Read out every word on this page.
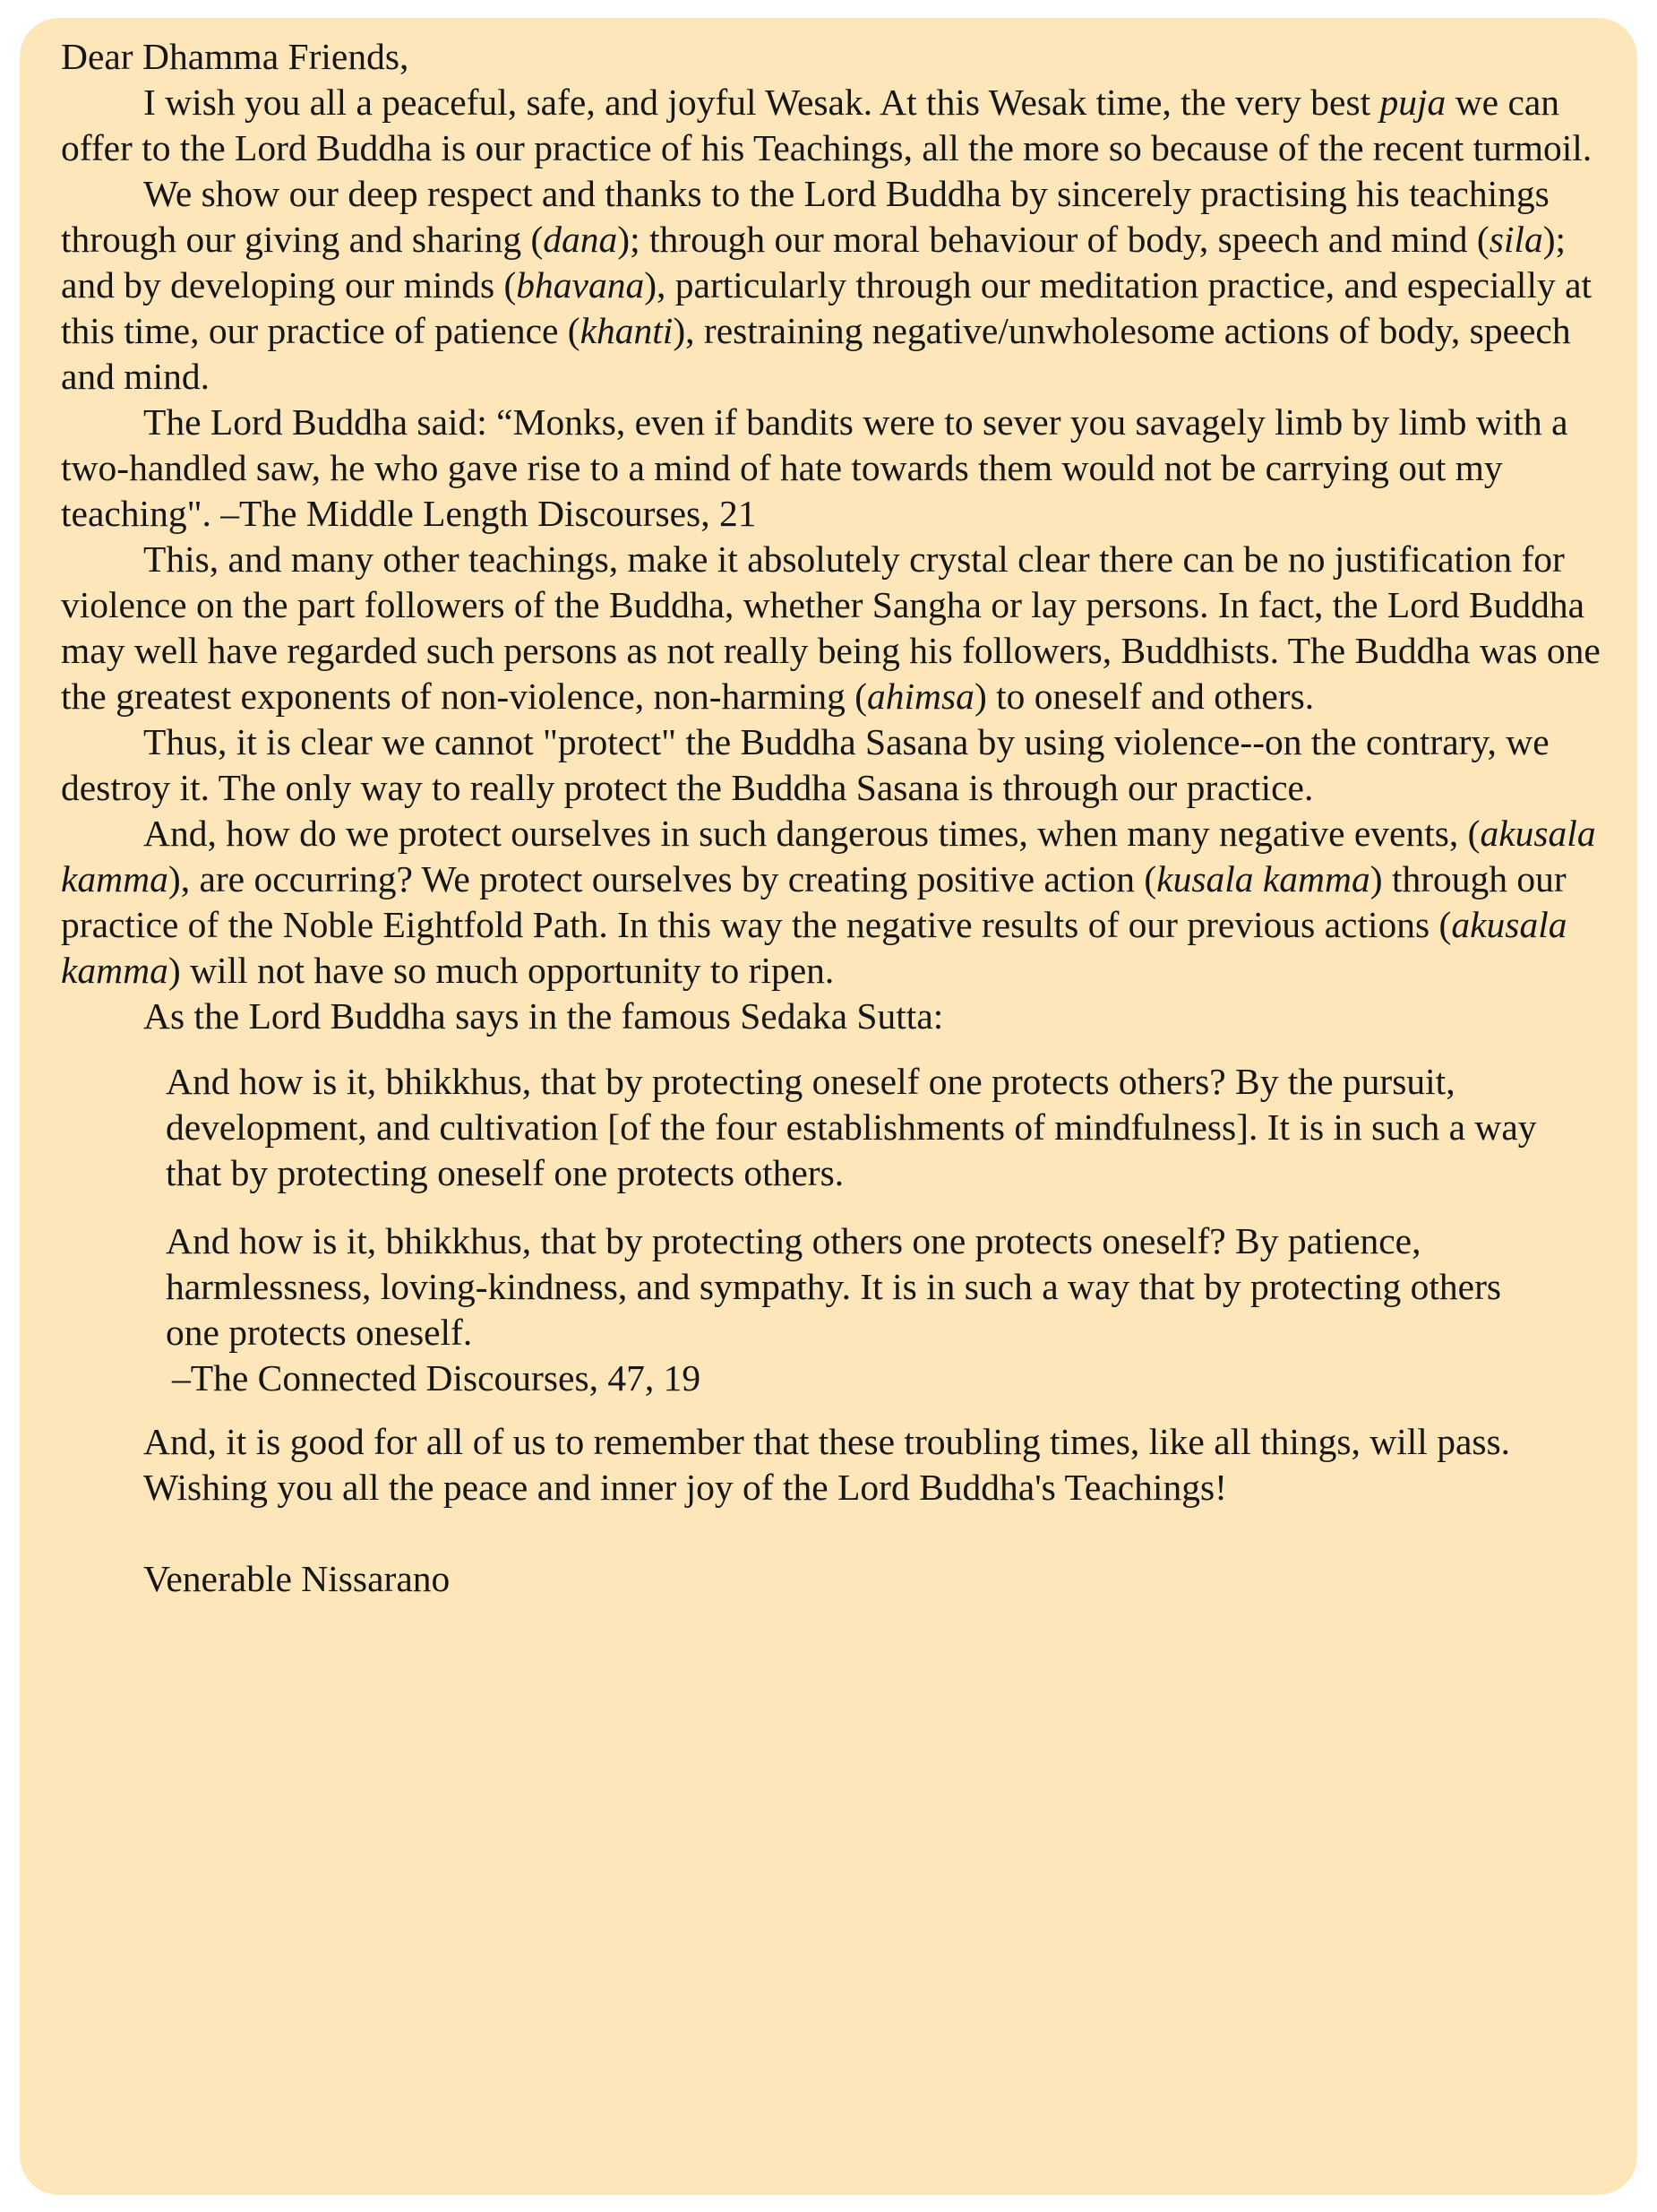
Dear Dhamma Friends,

I wish you all a peaceful, safe, and joyful Wesak. At this Wesak time, the very best puja we can offer to the Lord Buddha is our practice of his Teachings, all the more so because of the recent turmoil.

We show our deep respect and thanks to the Lord Buddha by sincerely practising his teachings through our giving and sharing (dana); through our moral behaviour of body, speech and mind (sila); and by developing our minds (bhavana), particularly through our meditation practice, and especially at this time, our practice of patience (khanti), restraining negative/unwholesome actions of body, speech and mind.

The Lord Buddha said: “Monks, even if bandits were to sever you savagely limb by limb with a two-handled saw, he who gave rise to a mind of hate towards them would not be carrying out my teaching". –The Middle Length Discourses, 21

This, and many other teachings, make it absolutely crystal clear there can be no justification for violence on the part followers of the Buddha, whether Sangha or lay persons. In fact, the Lord Buddha may well have regarded such persons as not really being his followers, Buddhists. The Buddha was one the greatest exponents of non-violence, non-harming (ahimsa) to oneself and others.

Thus, it is clear we cannot "protect" the Buddha Sasana by using violence--on the contrary, we destroy it. The only way to really protect the Buddha Sasana is through our practice.

And, how do we protect ourselves in such dangerous times, when many negative events, (akusala kamma), are occurring? We protect ourselves by creating positive action (kusala kamma) through our practice of the Noble Eightfold Path. In this way the negative results of our previous actions (akusala kamma) will not have so much opportunity to ripen.

As the Lord Buddha says in the famous Sedaka Sutta:

And how is it, bhikkhus, that by protecting oneself one protects others? By the pursuit, development, and cultivation [of the four establishments of mindfulness]. It is in such a way that by protecting oneself one protects others.

And how is it, bhikkhus, that by protecting others one protects oneself? By patience, harmlessness, loving-kindness, and sympathy. It is in such a way that by protecting others one protects oneself.

–The Connected Discourses, 47, 19

And, it is good for all of us to remember that these troubling times, like all things, will pass.

Wishing you all the peace and inner joy of the Lord Buddha's Teachings!

Venerable Nissarano
